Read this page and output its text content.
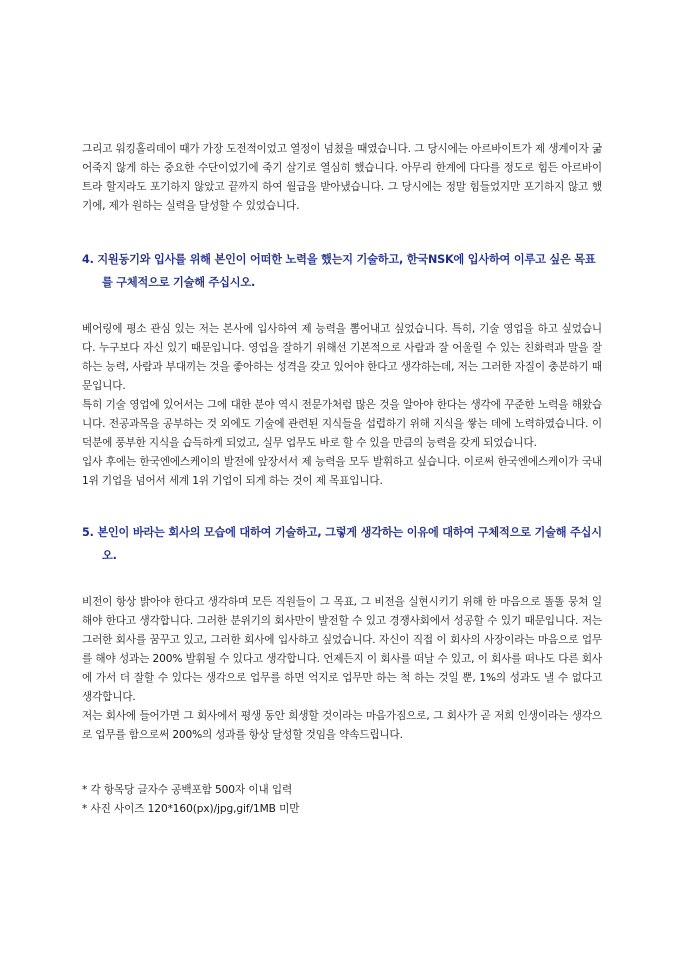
그리고 워킹홀리데이 때가 가장 도전적이었고 열정이 넘쳤을 때였습니다. 그 당시에는 아르바이트가 제 생계이자 굶어죽지 않게 하는 중요한 수단이었기에 죽기 살기로 열심히 했습니다. 아무리 한계에 다다를 정도로 힘든 아르바이트라 할지라도 포기하지 않았고 끝까지 하여 월급을 받아냈습니다. 그 당시에는 정말 힘들었지만 포기하지 않고 했기에, 제가 원하는 실력을 달성할 수 있었습니다.

4. 지원동기와 입사를 위해 본인이 어떠한 노력을 했는지 기술하고, 한국NSK에 입사하여 이루고 싶은 목표를 구체적으로 기술해 주십시오.

베어링에 평소 관심 있는 저는 본사에 입사하여 제 능력을 뽐어내고 싶었습니다. 특히, 기술 영업을 하고 싶었습니다. 누구보다 자신 있기 때문입니다. 영업을 잘하기 위해선 기본적으로 사람과 잘 어울릴 수 있는 친화력과 말을 잘 하는 능력, 사람과 부대끼는 것을 좋아하는 성격을 갖고 있어야 한다고 생각하는데, 저는 그러한 자질이 충분하기 때문입니다.

특히 기술 영업에 있어서는 그에 대한 분야 역시 전문가처럼 많은 것을 알아야 한다는 생각에 꾸준한 노력을 해왔습니다. 전공과목을 공부하는 것 외에도 기술에 관련된 지식들을 섭렵하기 위해 지식을 쌓는 데에 노력하였습니다. 이 덕분에 풍부한 지식을 습득하게 되었고, 실무 업무도 바로 할 수 있을 만큼의 능력을 갖게 되었습니다.

입사 후에는 한국엔에스케이의 발전에 앞장서서 제 능력을 모두 발휘하고 싶습니다. 이로써 한국엔에스케이가 국내 1위 기업을 넘어서 세계 1위 기업이 되게 하는 것이 제 목표입니다.

5. 본인이 바라는 회사의 모습에 대하여 기술하고, 그렇게 생각하는 이유에 대하여 구체적으로 기술해 주십시오.

비전이 항상 밝아야 한다고 생각하며 모든 직원들이 그 목표, 그 비전을 실현시키기 위해 한 마음으로 똘똘 뭉쳐 일해야 한다고 생각합니다. 그러한 분위기의 회사만이 발전할 수 있고 경쟁사회에서 성공할 수 있기 때문입니다. 저는 그러한 회사를 꿈꾸고 있고, 그러한 회사에 입사하고 싶었습니다. 자신이 직접 이 회사의 사장이라는 마음으로 업무를 해야 성과는 200% 발휘될 수 있다고 생각합니다. 언제든지 이 회사를 떠날 수 있고, 이 회사를 떠나도 다른 회사에 가서 더 잘할 수 있다는 생각으로 업무를 하면 억지로 업무만 하는 척 하는 것일 뿐, 1%의 성과도 낼 수 없다고 생각합니다.

저는 회사에 들어가면 그 회사에서 평생 동안 희생할 것이라는 마음가짐으로, 그 회사가 곧 저희 인생이라는 생각으로 업무를 함으로써 200%의 성과를 항상 달성할 것임을 약속드립니다.

* 각 항목당 글자수 공백포함 500자 이내 입력
* 사진 사이즈 120*160(px)/jpg,gif/1MB 미만
